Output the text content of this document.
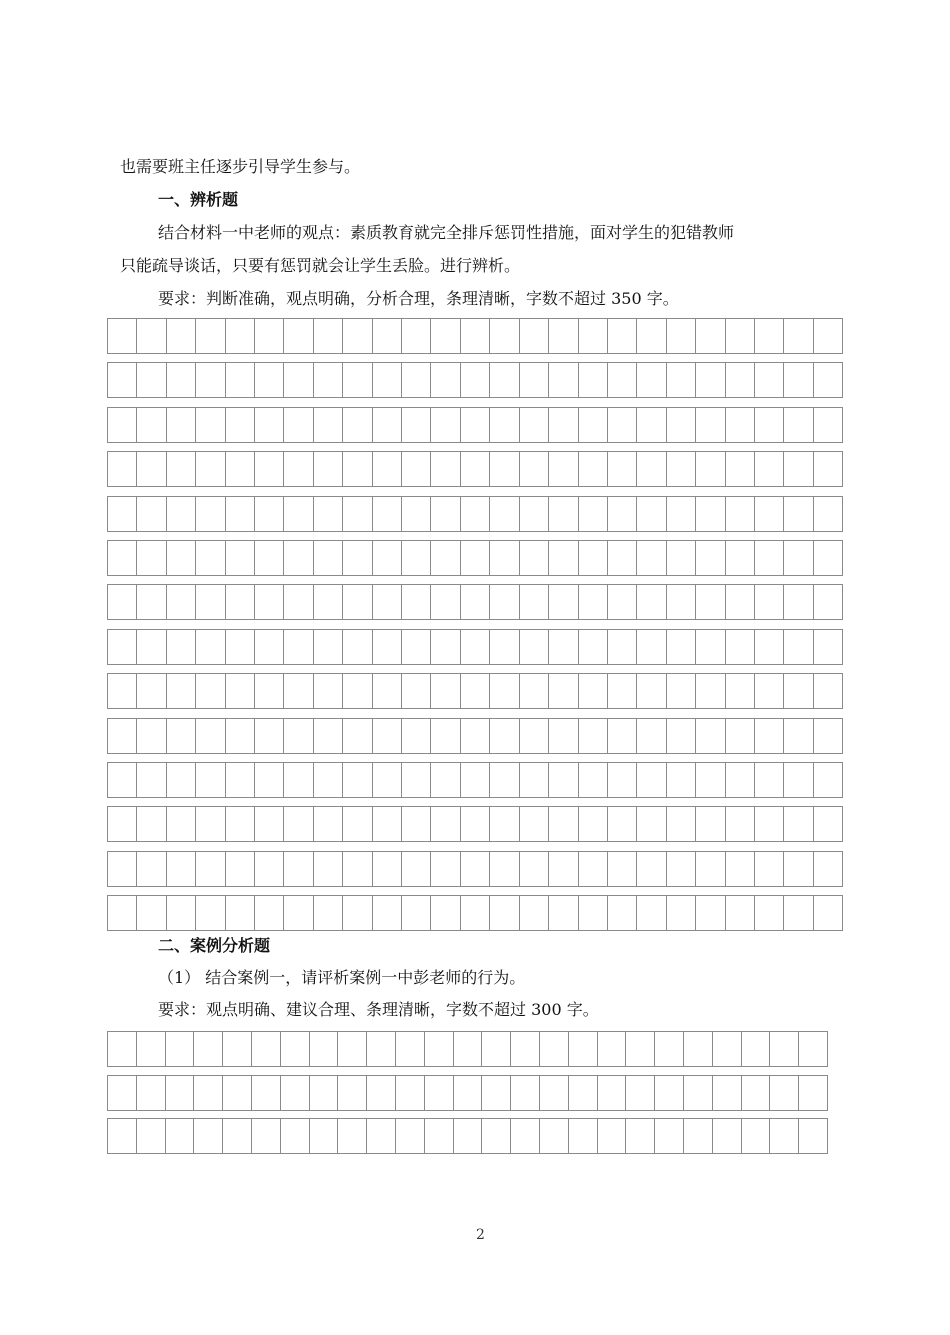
也需要班主任逐步引导学生参与。
一、辨析题
结合材料一中老师的观点：素质教育就完全排斥惩罚性措施，面对学生的犯错教师
只能疏导谈话，只要有惩罚就会让学生丢脸。进行辨析。
要求：判断准确，观点明确，分析合理，条理清晰，字数不超过 350 字。
二、案例分析题
（1） 结合案例一，请评析案例一中彭老师的行为。
要求：观点明确、建议合理、条理清晰，字数不超过 300 字。
2
